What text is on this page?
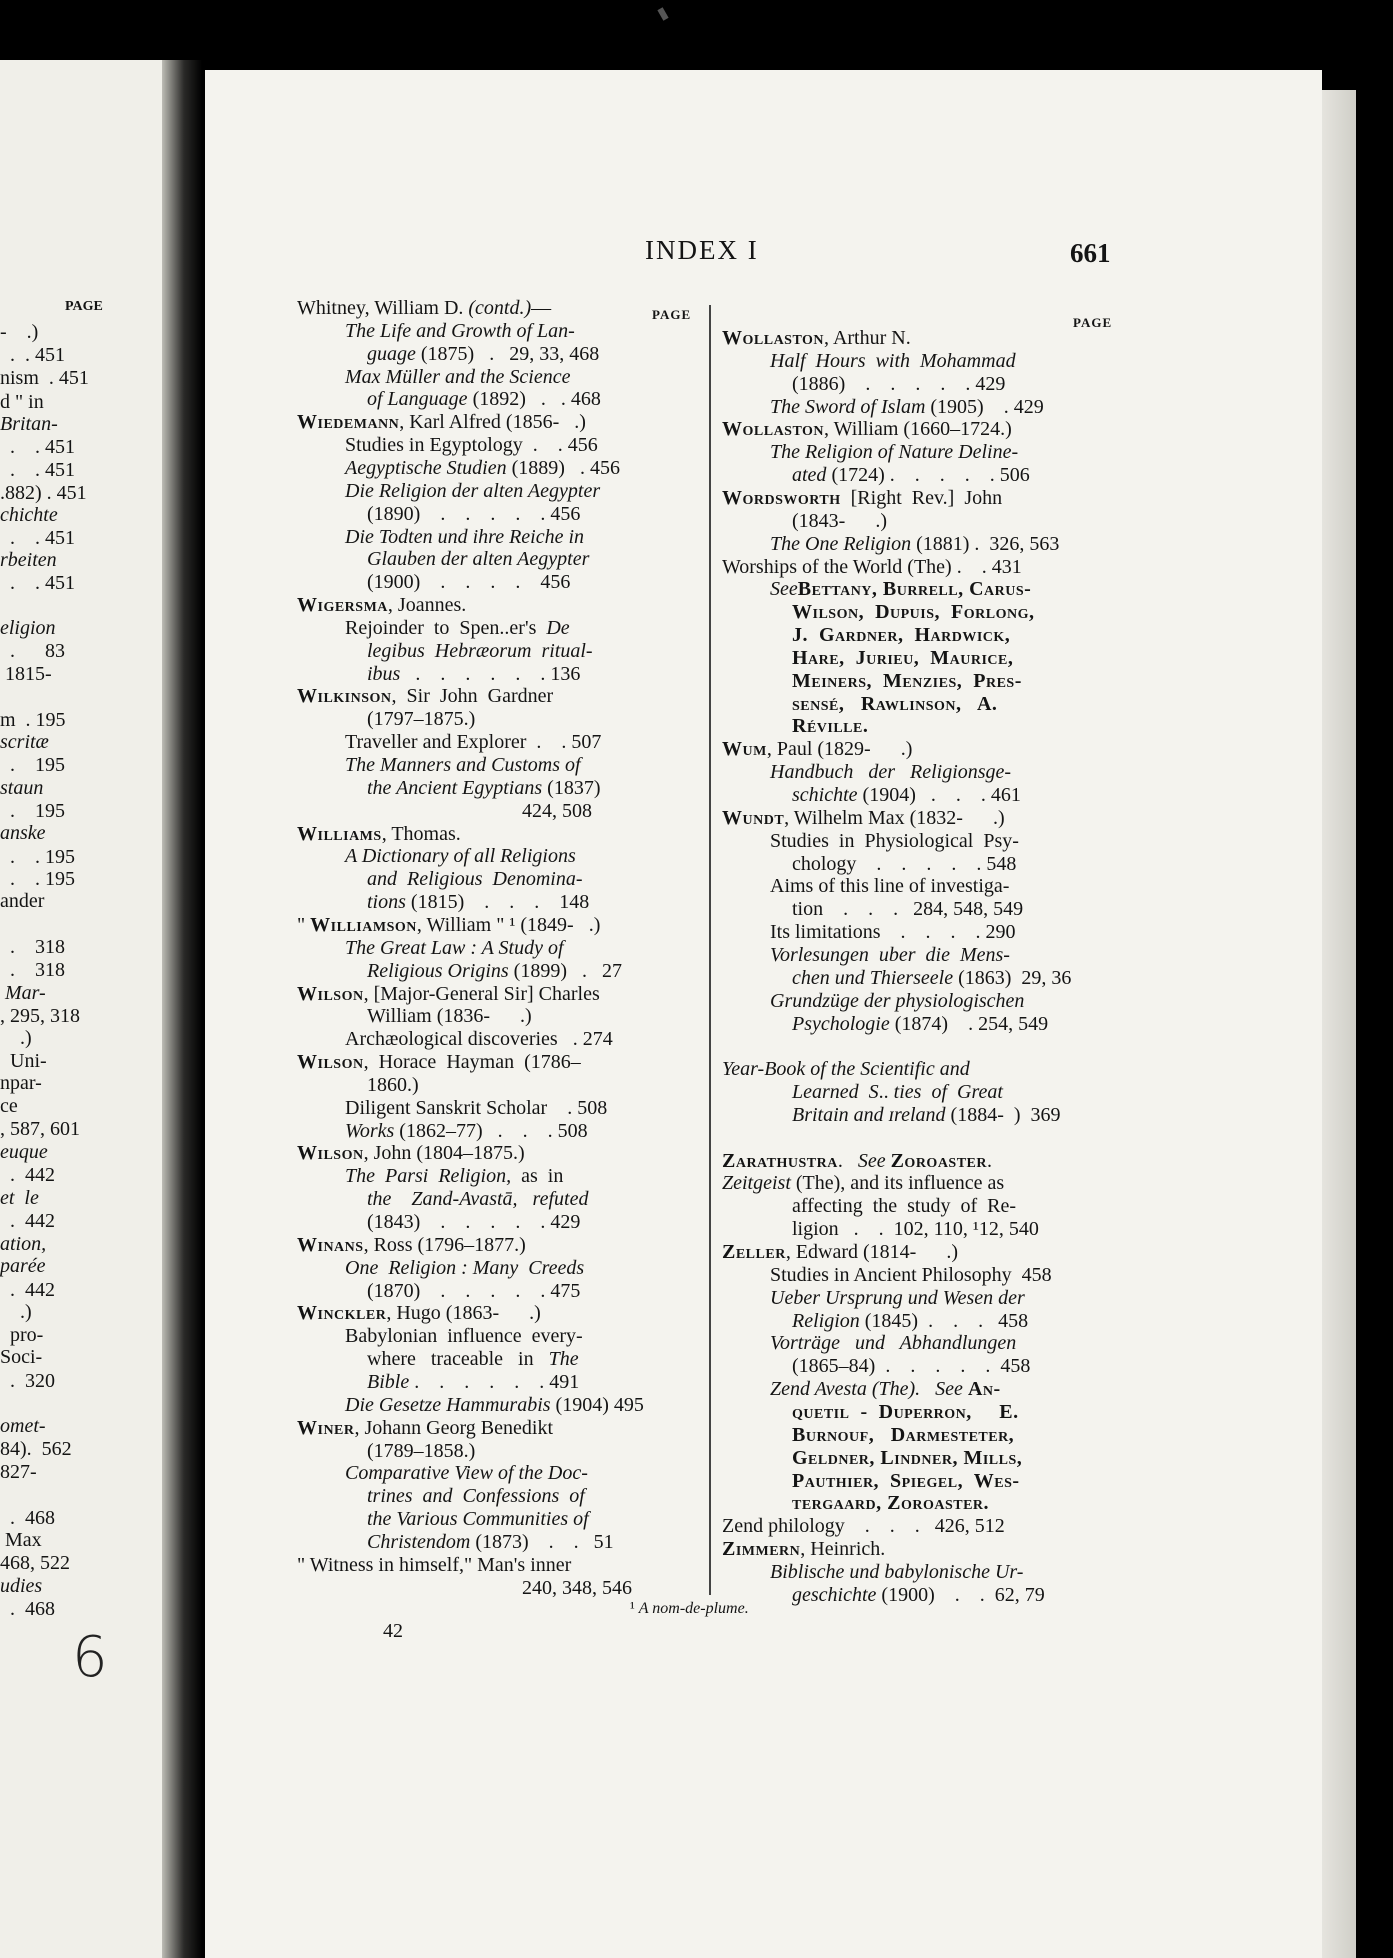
PAGE
-    .)
.  . 451
nism  . 451
d " in
Britan-
.    . 451
.    . 451
.882) . 451
chichte
.    . 451
rbeiten
.    . 451
eligion
.      83
1815-
m  . 195
scritæ
.    195
staun
.    195
anske
.    . 195
.    . 195
ander
.    318
.    318
Mar-
, 295, 318
.)
Uni-
npar-
ce
, 587, 601
euque
.  442
et  le
.  442
ation,
parée
.  442
.)
pro-
Soci-
.  320
omet-
84).  562
827-
.  468
Max
468, 522
udies
.  468
INDEX I	661
PAGE
PAGE
Whitney, William D. (contd.)—
The Life and Growth of Lan-
guage (1875)   .   29, 33, 468
Max Müller and the Science
of Language (1892)   .   . 468
Wiedemann, Karl Alfred (1856-   .)
Studies in Egyptology  .    . 456
Aegyptische Studien (1889)   . 456
Die Religion der alten Aegypter
(1890)    .    .    .    .    . 456
Die Todten und ihre Reiche in
Glauben der alten Aegypter
(1900)    .    .    .    .    456
Wigersma, Joannes.
Rejoinder  to  Spen..er's  De
legibus  Hebræorum  ritual-
ibus   .    .    .    .    .    . 136
Wilkinson,  Sir  John  Gardner
(1797–1875.)
Traveller and Explorer  .    . 507
The Manners and Customs of
the Ancient Egyptians (1837)
424, 508
Williams, Thomas.
A Dictionary of all Religions
and  Religious  Denomina-
tions (1815)    .    .    .    148
" Williamson, William " ¹ (1849-   .)
The Great Law : A Study of
Religious Origins (1899)   .   27
Wilson, [Major-General Sir] Charles
William (1836-      .)
Archæological discoveries   . 274
Wilson,  Horace  Hayman  (1786–
1860.)
Diligent Sanskrit Scholar    . 508
Works (1862–77)   .    .    . 508
Wilson, John (1804–1875.)
The  Parsi  Religion,  as  in
the    Zand-Avastā, refuted
(1843)    .    .    .    .    . 429
Winans, Ross (1796–1877.)
One  Religion : Many  Creeds
(1870)    .    .    .    .    . 475
Winckler, Hugo (1863-      .)
Babylonian  influence  every-
where   traceable   in   The
Bible .    .    .    .    .    . 491
Die Gesetze Hammurabis (1904) 495
Winer, Johann Georg Benedikt
(1789–1858.)
Comparative View of the Doc-
trines  and  Confessions  of
the Various Communities of
Christendom (1873)    .    .   51
" Witness in himself," Man's inner
240, 348, 546
Wollaston, Arthur N.
Half  Hours  with  Mohammad
(1886)    .    .    .    .    . 429
The Sword of Islam (1905)    . 429
Wollaston, William (1660–1724.)
The Religion of Nature Deline-
ated (1724) .    .    .    .    . 506
Wordsworth  [Right  Rev.]  John
(1843-      .)
The One Religion (1881) .  326, 563
Worships of the World (The) .    . 431
SeeBettany, Burrell, Carus-
Wilson,  Dupuis,  Forlong,
J.  Gardner,  Hardwick,
Hare,  Jurieu,  Maurice,
Meiners,  Menzies,  Pres-
sensé,   Rawlinson,   A.
Réville.
Wum, Paul (1829-      .)
Handbuch   der   Religionsge-
schichte (1904)   .    .    . 461
Wundt, Wilhelm Max (1832-      .)
Studies  in  Physiological  Psy-
chology    .    .    .    .    . 548
Aims of this line of investiga-
tion    .    .    .   284, 548, 549
Its limitations    .    .    .    . 290
Vorlesungen  uber  die  Mens-
chen und Thierseele (1863)  29, 36
Grundzüge der physiologischen
Psychologie (1874)    . 254, 549
Year-Book of the Scientific and
Learned  S.. ties  of  Great
Britain and ɪreland (1884-  )  369
Zarathustra.   See Zoroaster.
Zeitgeist (The), and its influence as
affecting  the  study  of  Re-
ligion   .    .  102, 110, ¹12, 540
Zeller, Edward (1814-      .)
Studies in Ancient Philosophy  458
Ueber Ursprung und Wesen der
Religion (1845)  .    .    .   458
Vorträge   und   Abhandlungen
(1865–84)  .    .    .    .    .  458
Zend Avesta (The). See An-
quetil  -  Duperron,     E.
Burnouf,   Darmesteter,
Geldner, Lindner, Mills,
Pauthier,  Spiegel,  Wes-
tergaard, Zoroaster.
Zend philology    .    .    .   426, 512
Zimmern, Heinrich.
Biblische und babylonische Ur-
geschichte (1900)    .    .  62, 79
¹ A nom-de-plume.
42
6
